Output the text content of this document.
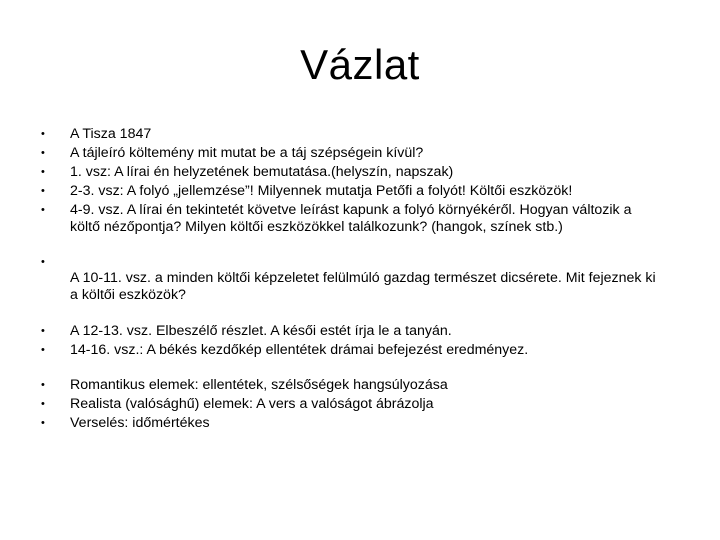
Vázlat
•
•
•
•
•
•
•
•
•
•
•
A Tisza 1847
A tájleíró költemény mit mutat be a táj szépségein kívül?
1. vsz: A lírai én helyzetének bemutatása.(helyszín, napszak)
2-3. vsz: A folyó „jellemzése”! Milyennek mutatja Petőfi a folyót! Költői eszközök!
4-9. vsz. A lírai én tekintetét követve leírást kapunk a folyó környékéről. Hogyan változik a költő nézőpontja? Milyen költői eszközökkel találkozunk? (hangok, színek stb.)
A 10-11. vsz. a minden költői képzeletet felülmúló gazdag természet dicsérete. Mit fejeznek ki a költői eszközök?
A 12-13. vsz. Elbeszélő részlet. A késői estét írja le a tanyán.
14-16. vsz.: A békés kezdőkép ellentétek drámai befejezést eredményez.
Romantikus elemek: ellentétek, szélsőségek hangsúlyozása
Realista (valósághű) elemek: A vers a valóságot ábrázolja
Verselés: időmértékes
